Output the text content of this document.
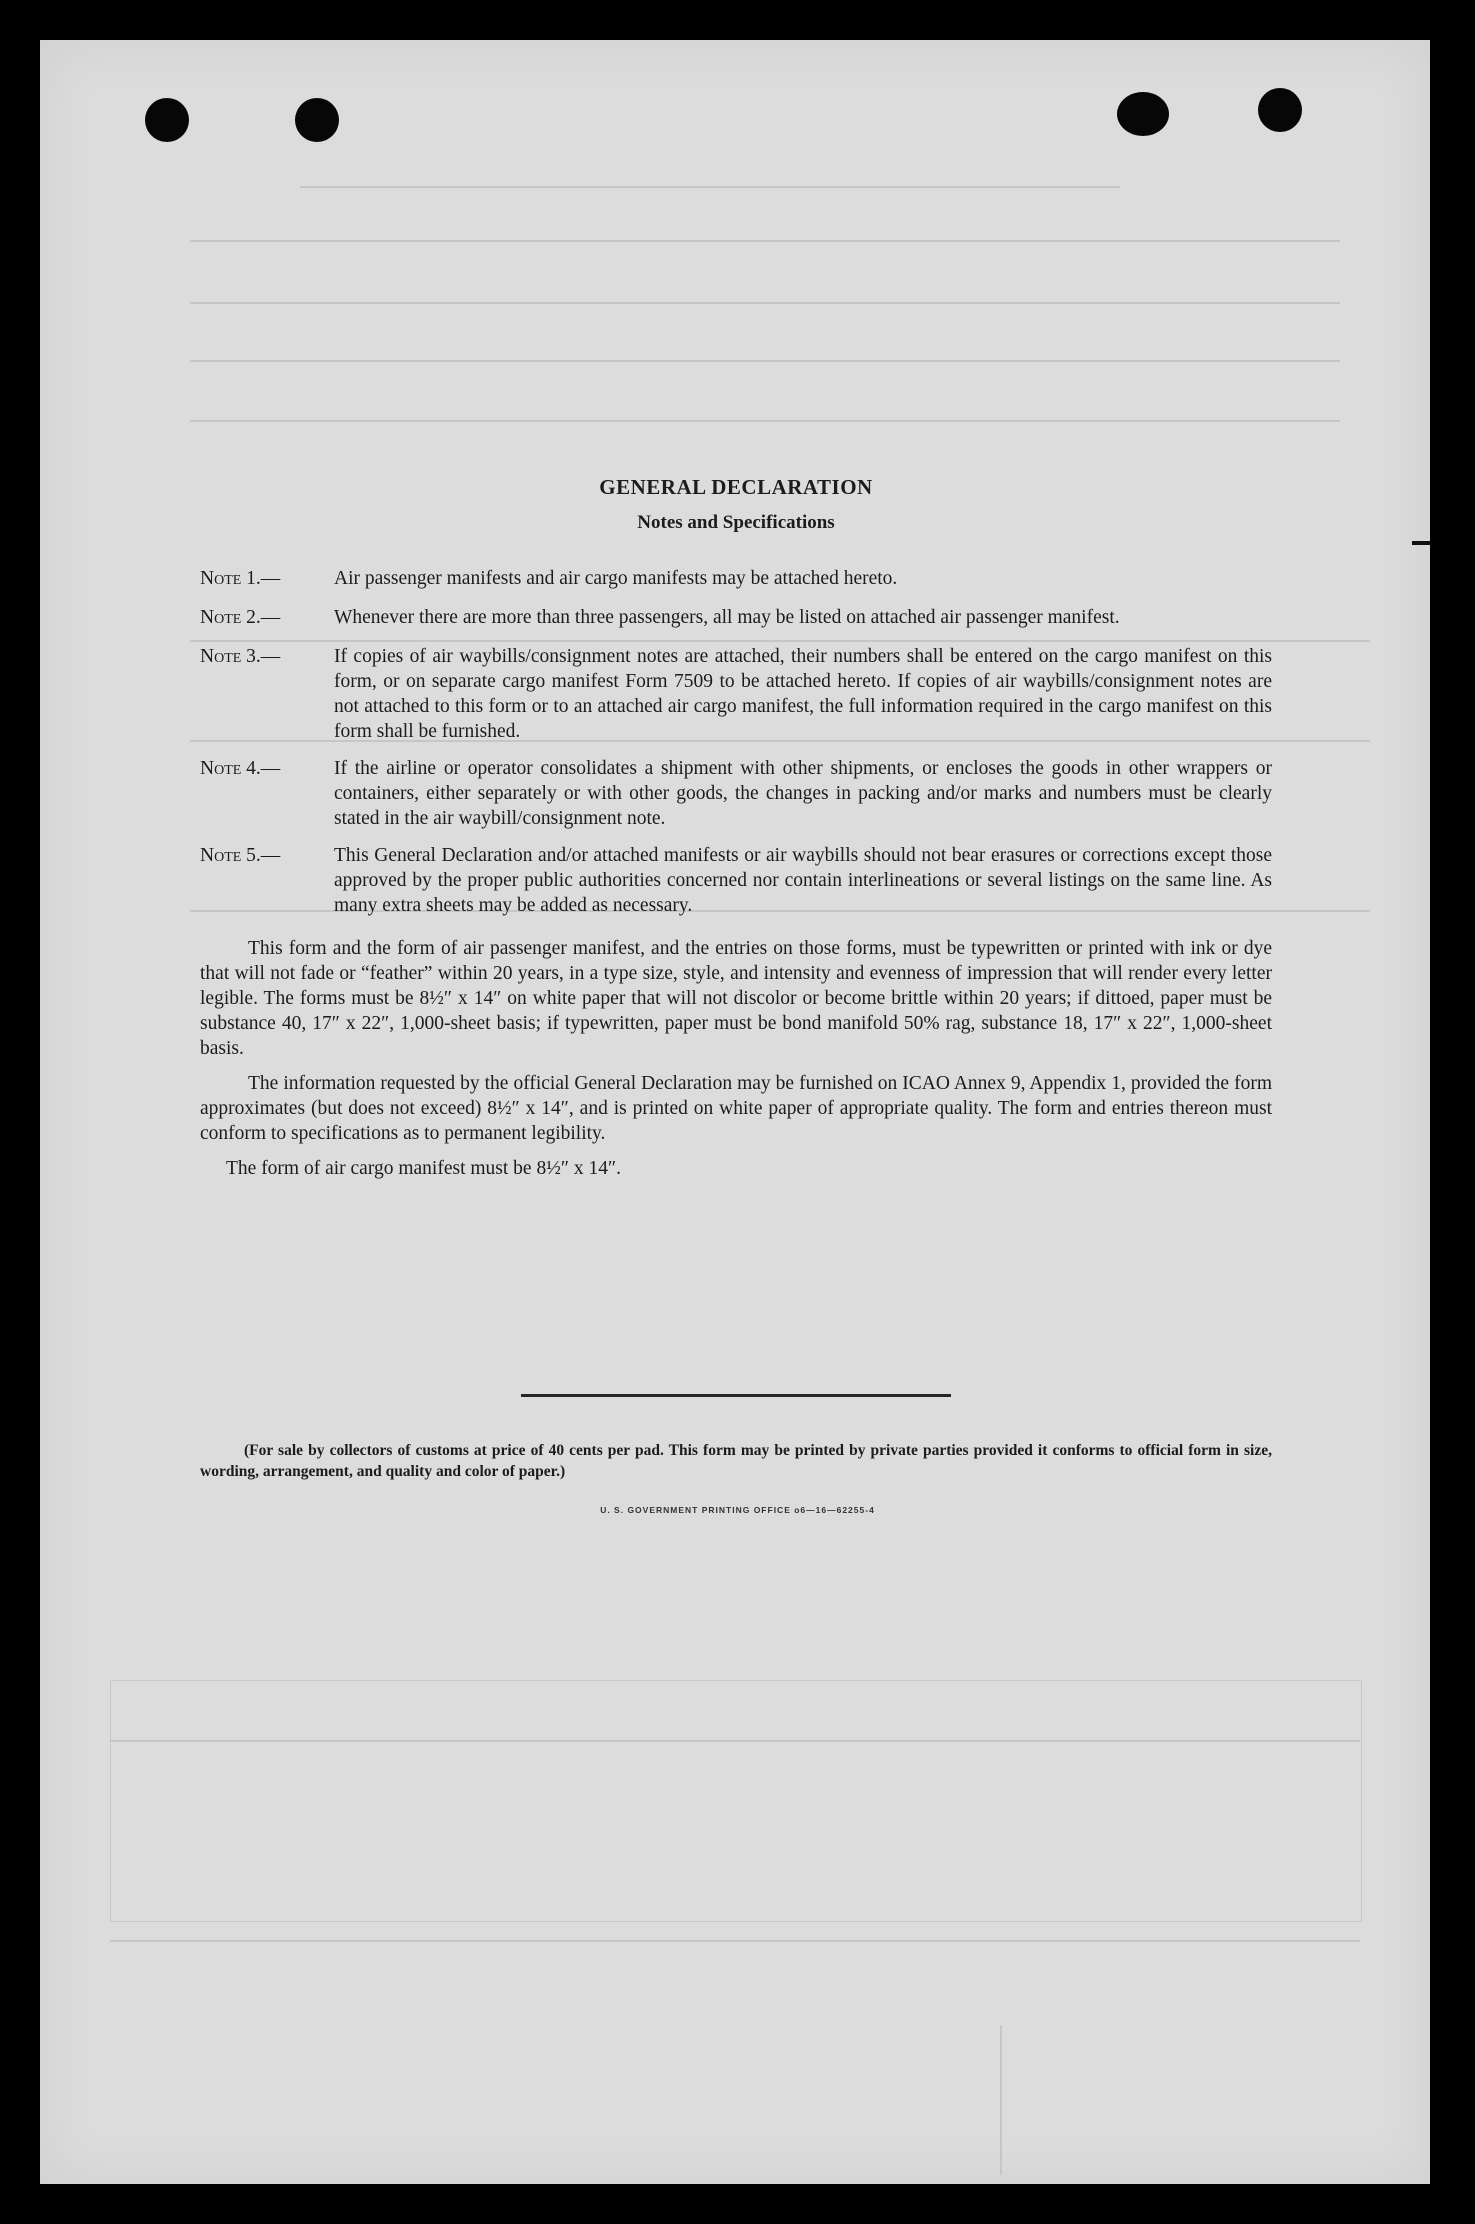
GENERAL DECLARATION
Notes and Specifications
Note 1.—	Air passenger manifests and air cargo manifests may be attached hereto.
Note 2.—	Whenever there are more than three passengers, all may be listed on attached air passenger manifest.
Note 3.—	If copies of air waybills/consignment notes are attached, their numbers shall be entered on the cargo manifest on this form, or on separate cargo manifest Form 7509 to be attached hereto. If copies of air waybills/consignment notes are not attached to this form or to an attached air cargo manifest, the full information required in the cargo manifest on this form shall be furnished.
Note 4.—	If the airline or operator consolidates a shipment with other shipments, or encloses the goods in other wrappers or containers, either separately or with other goods, the changes in packing and/or marks and numbers must be clearly stated in the air waybill/consignment note.
Note 5.—	This General Declaration and/or attached manifests or air waybills should not bear erasures or corrections except those approved by the proper public authorities concerned nor contain interlineations or several listings on the same line. As many extra sheets may be added as necessary.

This form and the form of air passenger manifest, and the entries on those forms, must be typewritten or printed with ink or dye that will not fade or “feather” within 20 years, in a type size, style, and intensity and evenness of impression that will render every letter legible. The forms must be 8½″ x 14″ on white paper that will not discolor or become brittle within 20 years; if dittoed, paper must be substance 40, 17″ x 22″, 1,000-sheet basis; if typewritten, paper must be bond manifold 50% rag, substance 18, 17″ x 22″, 1,000-sheet basis.

The information requested by the official General Declaration may be furnished on ICAO Annex 9, Appendix 1, provided the form approximates (but does not exceed) 8½″ x 14″, and is printed on white paper of appropriate quality. The form and entries thereon must conform to specifications as to permanent legibility.

The form of air cargo manifest must be 8½″ x 14″.

(For sale by collectors of customs at price of 40 cents per pad. This form may be printed by private parties provided it conforms to official form in size, wording, arrangement, and quality and color of paper.)
U. S. GOVERNMENT PRINTING OFFICE o6—16—62255-4
